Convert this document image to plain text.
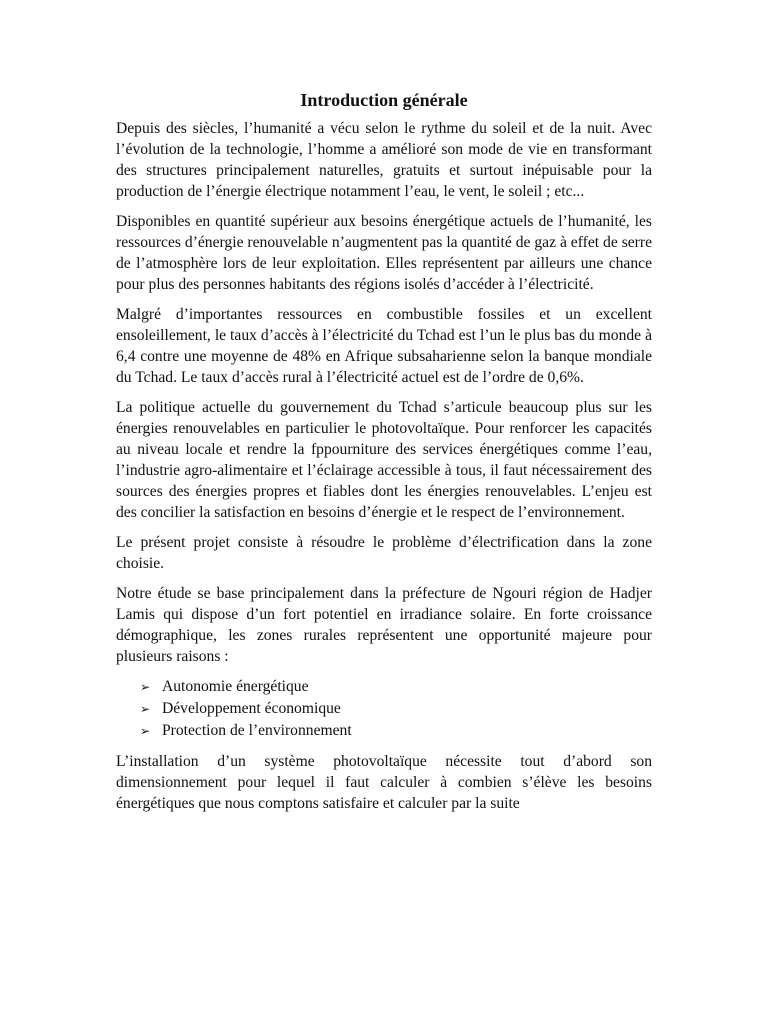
Introduction générale

Depuis des siècles, l’humanité a vécu selon le rythme du soleil et de la nuit. Avec l’évolution de la technologie, l’homme a amélioré son mode de vie en transformant des structures principalement naturelles, gratuits et surtout inépuisable pour la production de l’énergie électrique notamment l’eau, le vent, le soleil ; etc...

Disponibles en quantité supérieur aux besoins énergétique actuels de l’humanité, les ressources d’énergie renouvelable n’augmentent pas la quantité de gaz à effet de serre de l’atmosphère lors de leur exploitation. Elles représentent par ailleurs une chance pour plus des personnes habitants des régions isolés d’accéder à l’électricité.

Malgré d’importantes ressources en combustible fossiles et un excellent ensoleillement, le taux d’accès à l’électricité du Tchad est l’un le plus bas du monde à 6,4 contre une moyenne de 48% en Afrique subsaharienne selon la banque mondiale du Tchad. Le taux d’accès rural à l’électricité actuel est de l’ordre de 0,6%.

La politique actuelle du gouvernement du Tchad s’articule beaucoup plus sur les énergies renouvelables en particulier le photovoltaïque. Pour renforcer les capacités au niveau locale et rendre la fppourniture des services énergétiques comme l’eau, l’industrie agro-alimentaire et l’éclairage accessible à tous, il faut nécessairement des sources des énergies propres et fiables dont les énergies renouvelables. L’enjeu est des concilier la satisfaction en besoins d’énergie et le respect de l’environnement.

Le présent projet consiste à résoudre le problème d’électrification dans la zone choisie.

Notre étude se base principalement dans la préfecture de Ngouri région de Hadjer Lamis qui dispose d’un fort potentiel en irradiance solaire. En forte croissance démographique, les zones rurales représentent une opportunité majeure pour plusieurs raisons :

➢ Autonomie énergétique
➢ Développement économique
➢ Protection de l’environnement

L’installation d’un système photovoltaïque nécessite tout d’abord son dimensionnement pour lequel il faut calculer à combien s’élève les besoins énergétiques que nous comptons satisfaire et calculer par la suite
